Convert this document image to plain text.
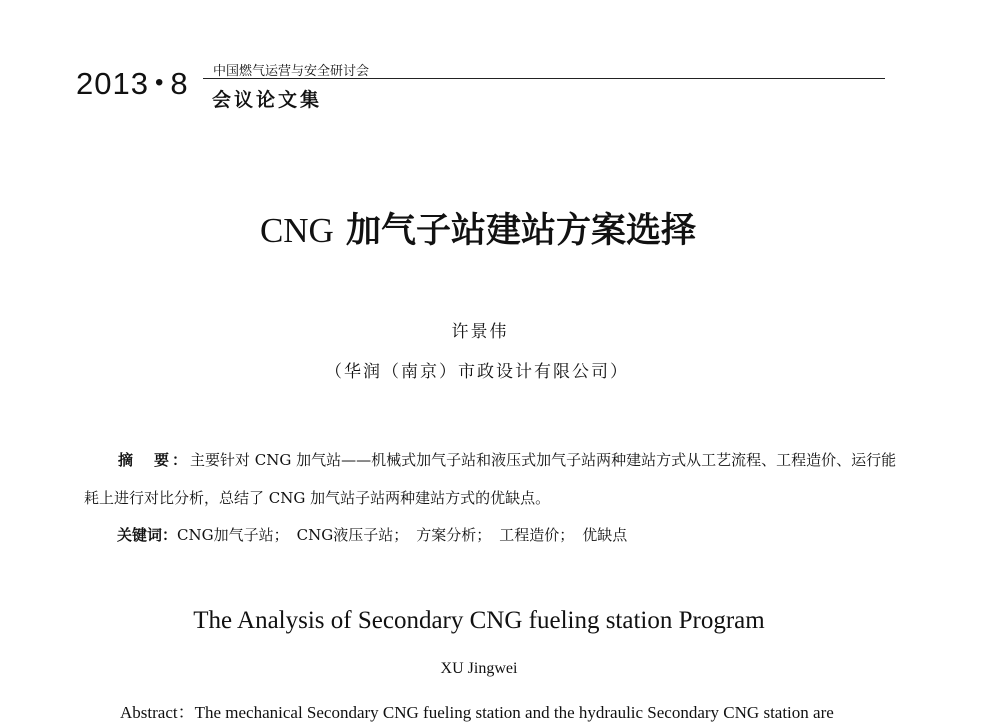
2013 • 8 中国燃气运营与安全研讨会
会议论文集
CNG 加气子站建站方案选择
许景伟
（华润（南京）市政设计有限公司）
摘　要：主要针对 CNG 加气站——机械式加气子站和液压式加气子站两种建站方式从工艺流程、工程造价、运行能耗上进行对比分析，总结了 CNG 加气站子站两种建站方式的优缺点。
关键词：CNG加气子站； CNG液压子站； 方案分析； 工程造价； 优缺点
The Analysis of Secondary CNG fueling station Program
XU Jingwei
Abstract：The mechanical Secondary CNG fueling station and the hydraulic Secondary CNG station are
